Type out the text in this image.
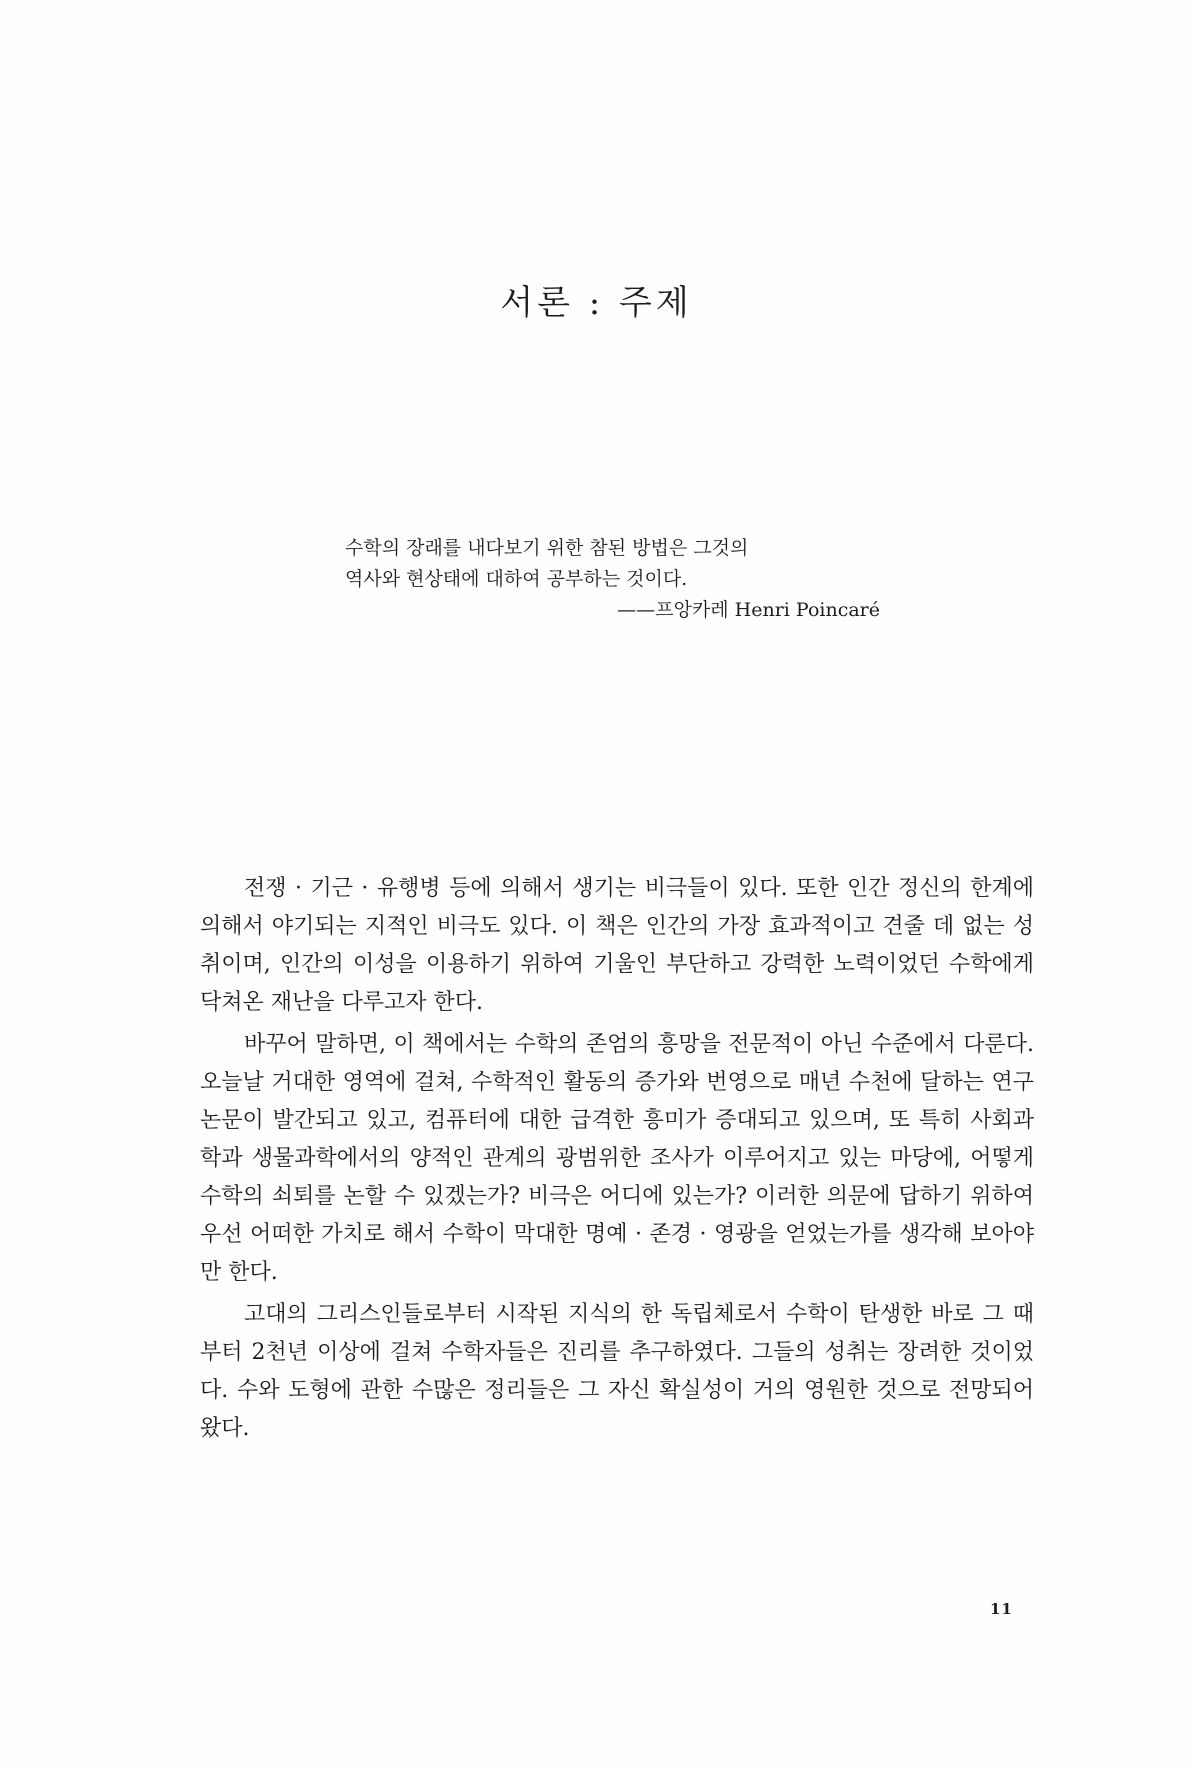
서론 : 주제
수학의 장래를 내다보기 위한 참된 방법은 그것의
역사와 현상태에 대하여 공부하는 것이다.
——프앙카레 Henri Poincaré

전쟁 · 기근 · 유행병 등에 의해서 생기는 비극들이 있다. 또한 인간 정신의 한계에 의해서 야기되는 지적인 비극도 있다. 이 책은 인간의 가장 효과적이고 견줄 데 없는 성취이며, 인간의 이성을 이용하기 위하여 기울인 부단하고 강력한 노력이었던 수학에게 닥쳐온 재난을 다루고자 한다.

바꾸어 말하면, 이 책에서는 수학의 존엄의 흥망을 전문적이 아닌 수준에서 다룬다. 오늘날 거대한 영역에 걸쳐, 수학적인 활동의 증가와 번영으로 매년 수천에 달하는 연구 논문이 발간되고 있고, 컴퓨터에 대한 급격한 흥미가 증대되고 있으며, 또 특히 사회과학과 생물과학에서의 양적인 관계의 광범위한 조사가 이루어지고 있는 마당에, 어떻게 수학의 쇠퇴를 논할 수 있겠는가? 비극은 어디에 있는가? 이러한 의문에 답하기 위하여 우선 어떠한 가치로 해서 수학이 막대한 명예 · 존경 · 영광을 얻었는가를 생각해 보아야만 한다.

고대의 그리스인들로부터 시작된 지식의 한 독립체로서 수학이 탄생한 바로 그 때부터 2천년 이상에 걸쳐 수학자들은 진리를 추구하였다. 그들의 성취는 장려한 것이었다. 수와 도형에 관한 수많은 정리들은 그 자신 확실성이 거의 영원한 것으로 전망되어 왔다.

11
